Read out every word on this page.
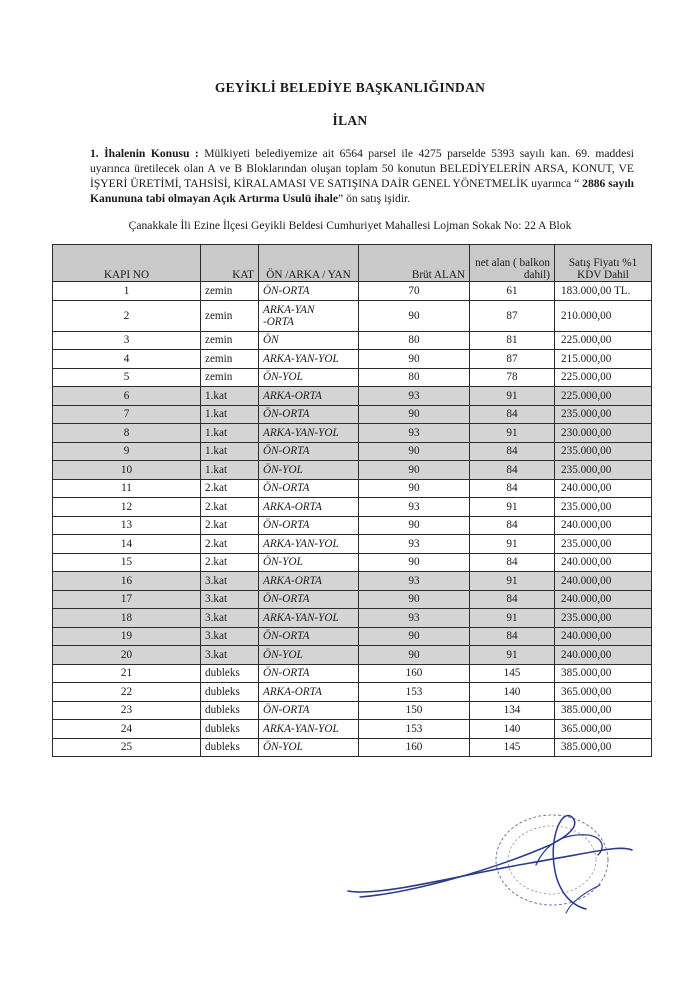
GEYİKLİ BELEDİYE BAŞKANLIĞINDAN
İLAN
1. İhalenin Konusu : Mülkiyeti belediyemize ait 6564 parsel ile 4275 parselde 5393 sayılı kan. 69. maddesi uyarınca üretilecek olan A ve B Bloklarından oluşan toplam 50 konutun BELEDİYELERİN ARSA, KONUT, VE İŞYERİ ÜRETİMİ, TAHSİSİ, KİRALAMASI VE SATIŞINA DAİR GENEL YÖNETMELİK uyarınca “ 2886 sayılı Kanununa tabi olmayan Açık Artırma Usulü ihale” ön satış işidir.
Çanakkale İli Ezine İlçesi Geyikli Beldesi Cumhuriyet Mahallesi Lojman Sokak No: 22 A Blok
KAPI NO	KAT	ÖN /ARKA / YAN	Brüt ALAN	net alan ( balkon dahil)	Satış Fiyatı %1 KDV Dahil
1	zemin	ÖN-ORTA	70	61	183.000,00 TL.
2	zemin	ARKA-YAN-ORTA	90	87	210.000,00
3	zemin	ÖN	80	81	225.000,00
4	zemin	ARKA-YAN-YOL	90	87	215.000,00
5	zemin	ÖN-YOL	80	78	225.000,00
6	1.kat	ARKA-ORTA	93	91	225.000,00
7	1.kat	ÖN-ORTA	90	84	235.000,00
8	1.kat	ARKA-YAN-YOL	93	91	230.000,00
9	1.kat	ÖN-ORTA	90	84	235.000,00
10	1.kat	ÖN-YOL	90	84	235.000,00
11	2.kat	ÖN-ORTA	90	84	240.000,00
12	2.kat	ARKA-ORTA	93	91	235.000,00
13	2.kat	ÖN-ORTA	90	84	240.000,00
14	2.kat	ARKA-YAN-YOL	93	91	235.000,00
15	2.kat	ÖN-YOL	90	84	240.000,00
16	3.kat	ARKA-ORTA	93	91	240.000,00
17	3.kat	ÖN-ORTA	90	84	240.000,00
18	3.kat	ARKA-YAN-YOL	93	91	235.000,00
19	3.kat	ÖN-ORTA	90	84	240.000,00
20	3.kat	ÖN-YOL	90	91	240.000,00
21	dubleks	ÖN-ORTA	160	145	385.000,00
22	dubleks	ARKA-ORTA	153	140	365.000,00
23	dubleks	ÖN-ORTA	150	134	385.000,00
24	dubleks	ARKA-YAN-YOL	153	140	365.000,00
25	dubleks	ÖN-YOL	160	145	385.000,00
